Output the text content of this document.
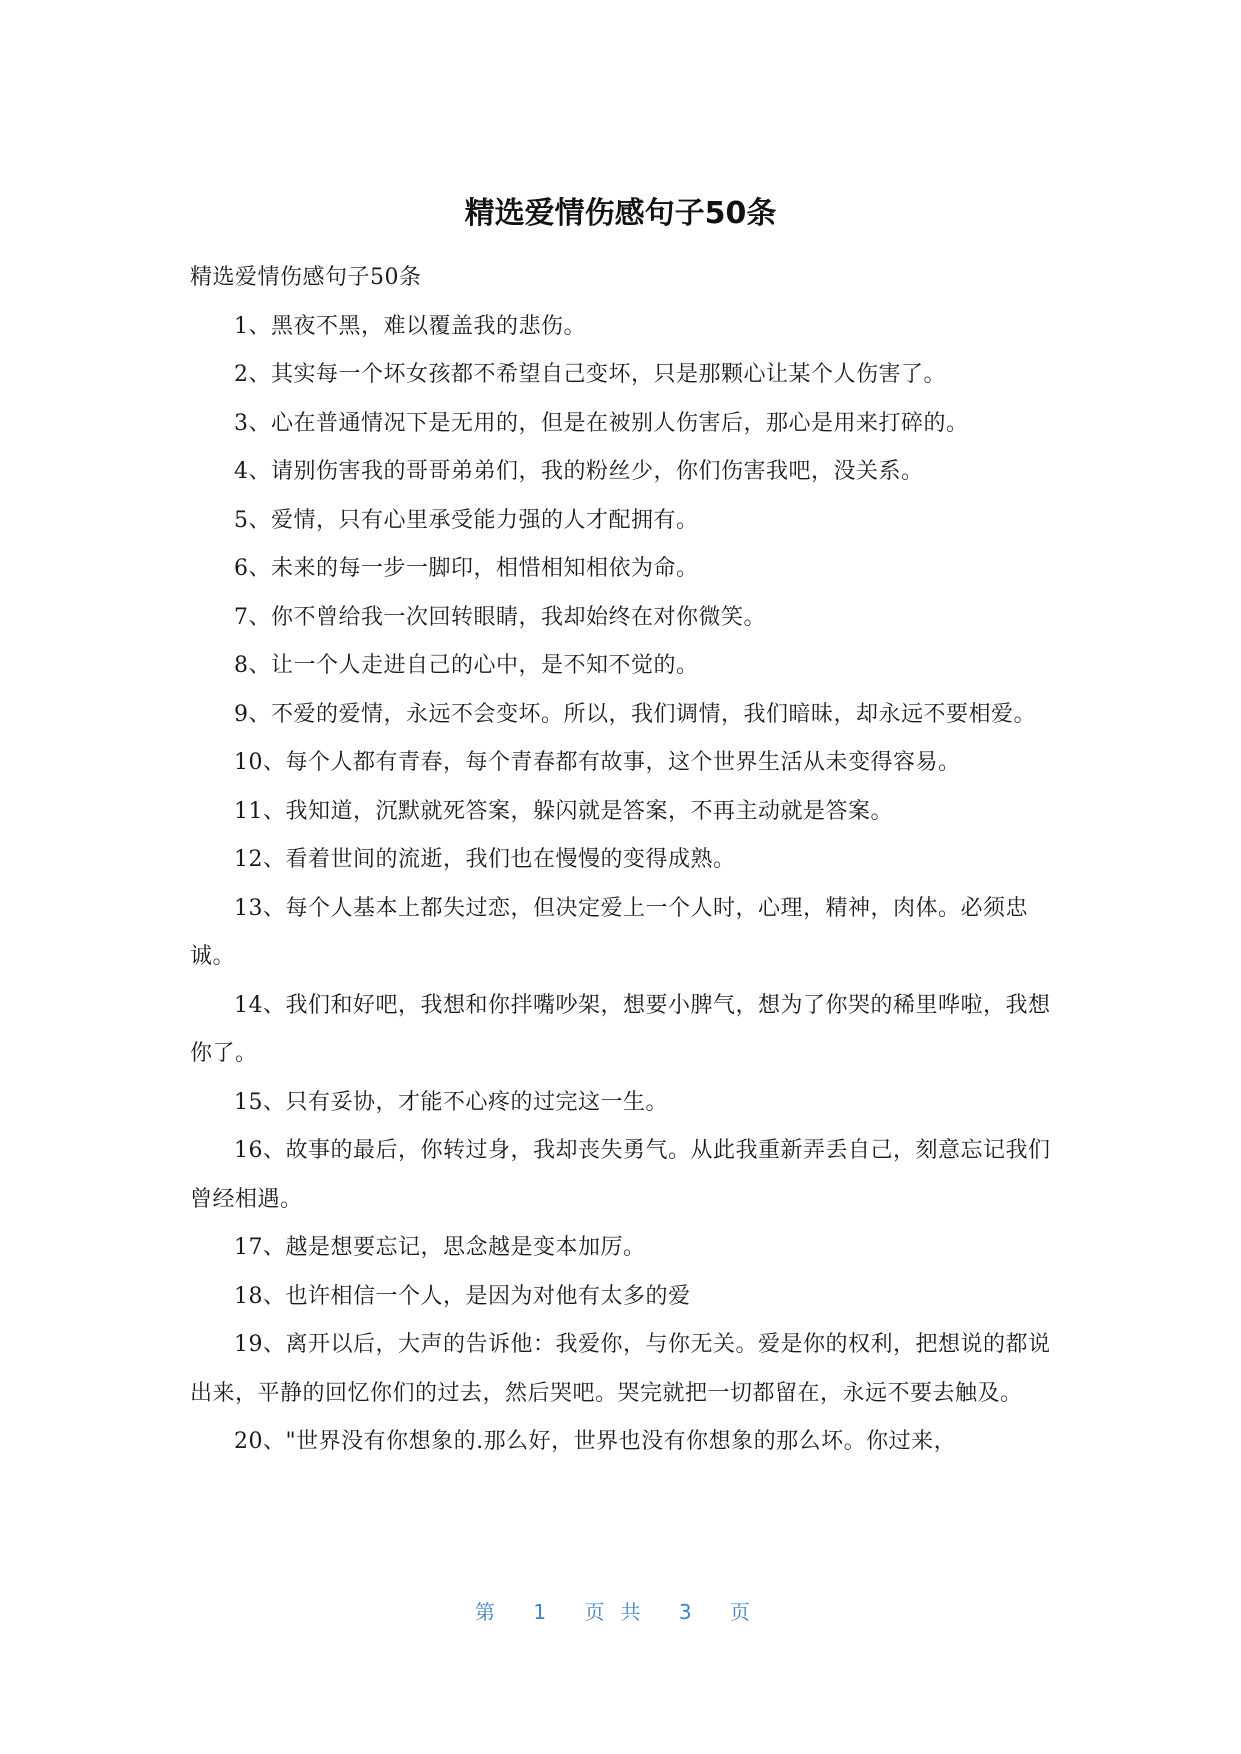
精选爱情伤感句子50条

精选爱情伤感句子50条

1、黑夜不黑，难以覆盖我的悲伤。

2、其实每一个坏女孩都不希望自己变坏，只是那颗心让某个人伤害了。

3、心在普通情况下是无用的，但是在被别人伤害后，那心是用来打碎的。

4、请别伤害我的哥哥弟弟们，我的粉丝少，你们伤害我吧，没关系。

5、爱情，只有心里承受能力强的人才配拥有。

6、未来的每一步一脚印，相惜相知相依为命。

7、你不曾给我一次回转眼睛，我却始终在对你微笑。

8、让一个人走进自己的心中，是不知不觉的。

9、不爱的爱情，永远不会变坏。所以，我们调情，我们暗昧，却永远不要相爱。

10、每个人都有青春，每个青春都有故事，这个世界生活从未变得容易。

11、我知道，沉默就死答案，躲闪就是答案，不再主动就是答案。

12、看着世间的流逝，我们也在慢慢的变得成熟。

13、每个人基本上都失过恋，但决定爱上一个人时，心理，精神，肉体。必须忠诚。

14、我们和好吧，我想和你拌嘴吵架，想要小脾气，想为了你哭的稀里哗啦，我想你了。

15、只有妥协，才能不心疼的过完这一生。

16、故事的最后，你转过身，我却丧失勇气。从此我重新弄丢自己，刻意忘记我们曾经相遇。

17、越是想要忘记，思念越是变本加厉。

18、也许相信一个人，是因为对他有太多的爱

19、离开以后，大声的告诉他：我爱你，与你无关。爱是你的权利，把想说的都说出来，平静的回忆你们的过去，然后哭吧。哭完就把一切都留在，永远不要去触及。

20、"世界没有你想象的.那么好，世界也没有你想象的那么坏。你过来，

第 1 页共 3 页
